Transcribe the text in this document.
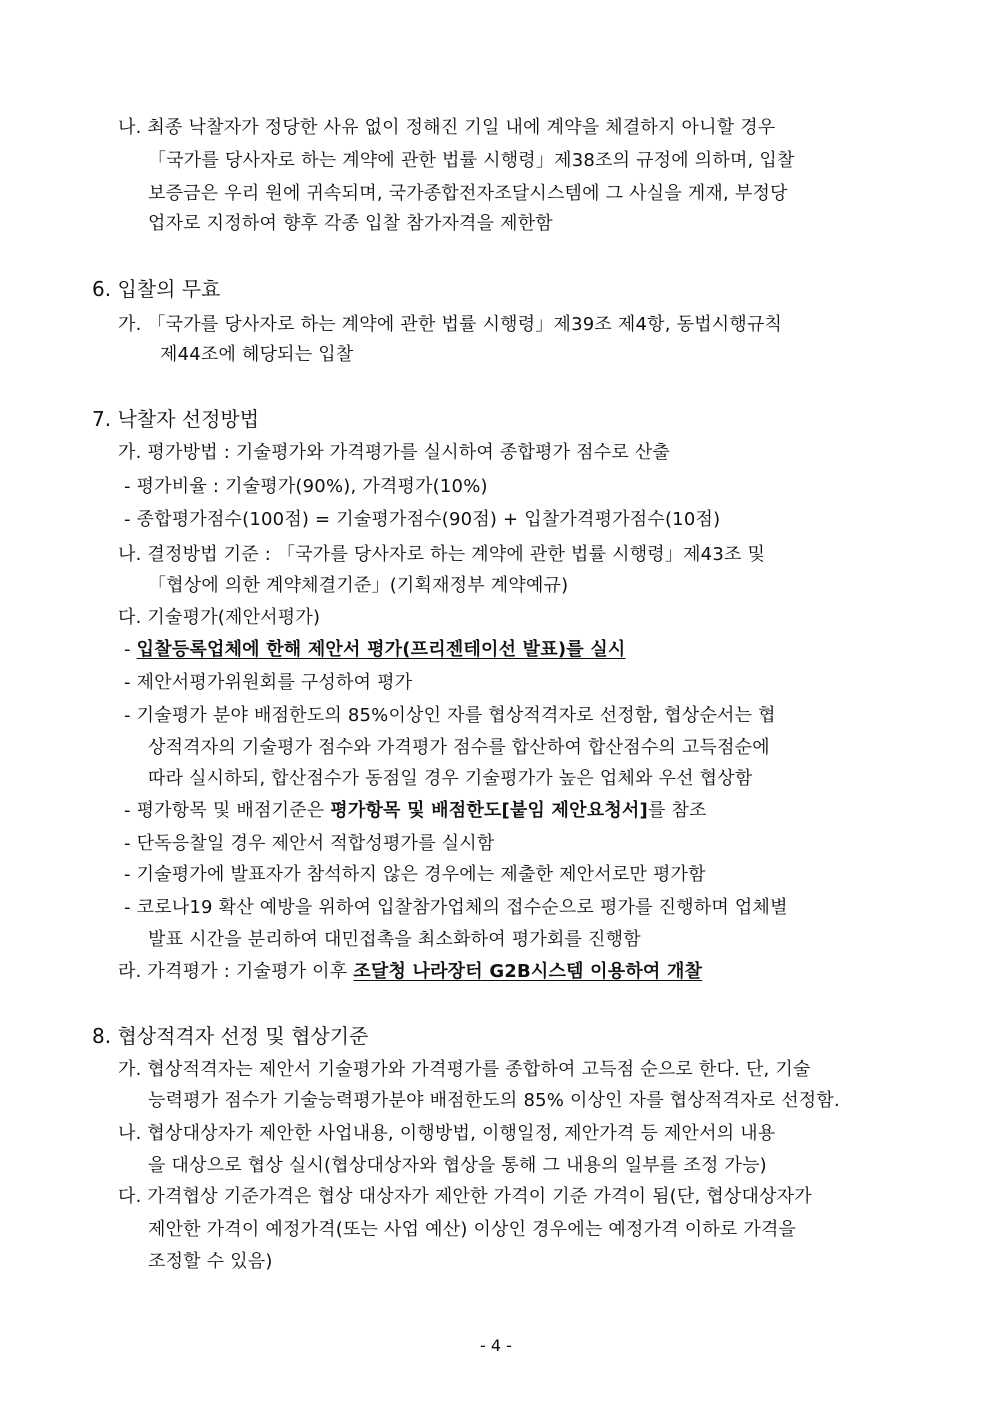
나. 최종 낙찰자가 정당한 사유 없이 정해진 기일 내에 계약을 체결하지 아니할 경우
「국가를 당사자로 하는 계약에 관한 법률 시행령」제38조의 규정에 의하며, 입찰
보증금은 우리 원에 귀속되며, 국가종합전자조달시스템에 그 사실을 게재, 부정당
업자로 지정하여 향후 각종 입찰 참가자격을 제한함
6. 입찰의 무효
가. 「국가를 당사자로 하는 계약에 관한 법률 시행령」제39조 제4항, 동법시행규칙
제44조에 헤당되는 입찰
7. 낙찰자 선정방법
가. 평가방법 : 기술평가와 가격평가를 실시하여 종합평가 점수로 산출
- 평가비율 : 기술평가(90%), 가격평가(10%)
- 종합평가점수(100점) = 기술평가점수(90점) + 입찰가격평가점수(10점)
나. 결정방법 기준 : 「국가를 당사자로 하는 계약에 관한 법률 시행령」제43조 및
「협상에 의한 계약체결기준」(기획재정부 계약예규)
다. 기술평가(제안서평가)
- 입찰등록업체에 한해 제안서 평가(프리젠테이선 발표)를 실시
- 제안서평가위원회를 구성하여 평가
- 기술평가 분야 배점한도의 85%이상인 자를 협상적격자로 선정함, 협상순서는 협
상적격자의 기술평가 점수와 가격평가 점수를 합산하여 합산점수의 고득점순에
따라 실시하되, 합산점수가 동점일 경우 기술평가가 높은 업체와 우선 협상함
- 평가항목 및 배점기준은 평가항목 및 배점한도[붙임 제안요청서]를 참조
- 단독응찰일 경우 제안서 적합성평가를 실시함
- 기술평가에 발표자가 참석하지 않은 경우에는 제출한 제안서로만 평가함
- 코로나19 확산 예방을 위하여 입찰참가업체의 접수순으로 평가를 진행하며 업체별
발표 시간을 분리하여 대민접촉을 최소화하여 평가회를 진행함
라. 가격평가 : 기술평가 이후 조달청 나라장터 G2B시스템 이용하여 개찰
8. 협상적격자 선정 및 협상기준
가. 협상적격자는 제안서 기술평가와 가격평가를 종합하여 고득점 순으로 한다. 단, 기술
능력평가 점수가 기술능력평가분야 배점한도의 85% 이상인 자를 협상적격자로 선정함.
나. 협상대상자가 제안한 사업내용, 이행방법, 이행일정, 제안가격 등 제안서의 내용
을 대상으로 협상 실시(협상대상자와 협상을 통해 그 내용의 일부를 조정 가능)
다. 가격협상 기준가격은 협상 대상자가 제안한 가격이 기준 가격이 됨(단, 협상대상자가
제안한 가격이 예정가격(또는 사업 예산) 이상인 경우에는 예정가격 이하로 가격을
조정할 수 있음)
- 4 -
